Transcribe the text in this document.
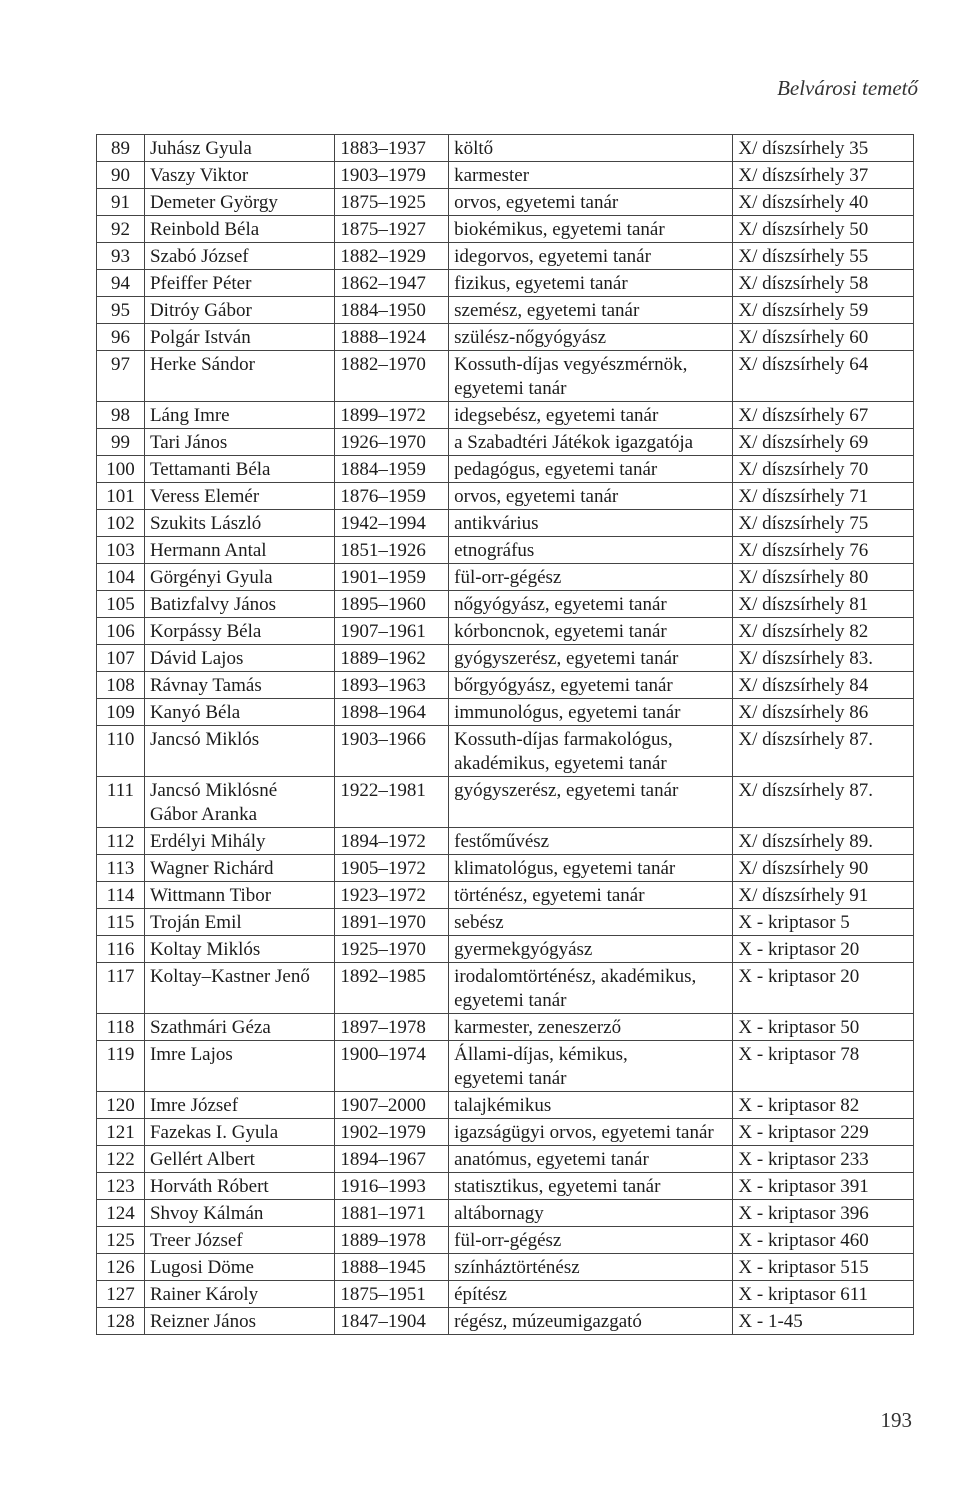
Belvárosi temető
89	Juhász Gyula	1883–1937	költő	X/ díszsírhely 35
90	Vaszy Viktor	1903–1979	karmester	X/ díszsírhely 37
91	Demeter György	1875–1925	orvos, egyetemi tanár	X/ díszsírhely 40
92	Reinbold Béla	1875–1927	biokémikus, egyetemi tanár	X/ díszsírhely 50
93	Szabó József	1882–1929	idegorvos, egyetemi tanár	X/ díszsírhely 55
94	Pfeiffer Péter	1862–1947	fizikus, egyetemi tanár	X/ díszsírhely 58
95	Ditróy Gábor	1884–1950	szemész, egyetemi tanár	X/ díszsírhely 59
96	Polgár István	1888–1924	szülész-nőgyógyász	X/ díszsírhely 60
97	Herke Sándor	1882–1970	Kossuth-díjas vegyészmérnök,
egyetemi tanár	X/ díszsírhely 64
98	Láng Imre	1899–1972	idegsebész, egyetemi tanár	X/ díszsírhely 67
99	Tari János	1926–1970	a Szabadtéri Játékok igazgatója	X/ díszsírhely 69
100	Tettamanti Béla	1884–1959	pedagógus, egyetemi tanár	X/ díszsírhely 70
101	Veress Elemér	1876–1959	orvos, egyetemi tanár	X/ díszsírhely 71
102	Szukits László	1942–1994	antikvárius	X/ díszsírhely 75
103	Hermann Antal	1851–1926	etnográfus	X/ díszsírhely 76
104	Görgényi Gyula	1901–1959	fül-orr-gégész	X/ díszsírhely 80
105	Batizfalvy János	1895–1960	nőgyógyász, egyetemi tanár	X/ díszsírhely 81
106	Korpássy Béla	1907–1961	kórboncnok, egyetemi tanár	X/ díszsírhely 82
107	Dávid Lajos	1889–1962	gyógyszerész, egyetemi tanár	X/ díszsírhely 83.
108	Rávnay Tamás	1893–1963	bőrgyógyász, egyetemi tanár	X/ díszsírhely 84
109	Kanyó Béla	1898–1964	immunológus, egyetemi tanár	X/ díszsírhely 86
110	Jancsó Miklós	1903–1966	Kossuth-díjas farmakológus,
akadémikus, egyetemi tanár	X/ díszsírhely 87.
111	Jancsó Miklósné
Gábor Aranka	1922–1981	gyógyszerész, egyetemi tanár	X/ díszsírhely 87.
112	Erdélyi Mihály	1894–1972	festőművész	X/ díszsírhely 89.
113	Wagner Richárd	1905–1972	klimatológus, egyetemi tanár	X/ díszsírhely 90
114	Wittmann Tibor	1923–1972	történész, egyetemi tanár	X/ díszsírhely 91
115	Troján Emil	1891–1970	sebész	X - kriptasor 5
116	Koltay Miklós	1925–1970	gyermekgyógyász	X - kriptasor 20
117	Koltay–Kastner Jenő	1892–1985	irodalomtörténész, akadémikus,
egyetemi tanár	X - kriptasor 20
118	Szathmári Géza	1897–1978	karmester, zeneszerző	X - kriptasor 50
119	Imre Lajos	1900–1974	Állami-díjas, kémikus,
egyetemi tanár	X - kriptasor 78
120	Imre József	1907–2000	talajkémikus	X - kriptasor 82
121	Fazekas I. Gyula	1902–1979	igazságügyi orvos, egyetemi tanár	X - kriptasor 229
122	Gellért Albert	1894–1967	anatómus, egyetemi tanár	X - kriptasor 233
123	Horváth Róbert	1916–1993	statisztikus, egyetemi tanár	X - kriptasor 391
124	Shvoy Kálmán	1881–1971	altábornagy	X - kriptasor 396
125	Treer József	1889–1978	fül-orr-gégész	X - kriptasor 460
126	Lugosi Döme	1888–1945	színháztörténész	X - kriptasor 515
127	Rainer Károly	1875–1951	építész	X - kriptasor 611
128	Reizner János	1847–1904	régész, múzeumigazgató	X - 1-45
193
